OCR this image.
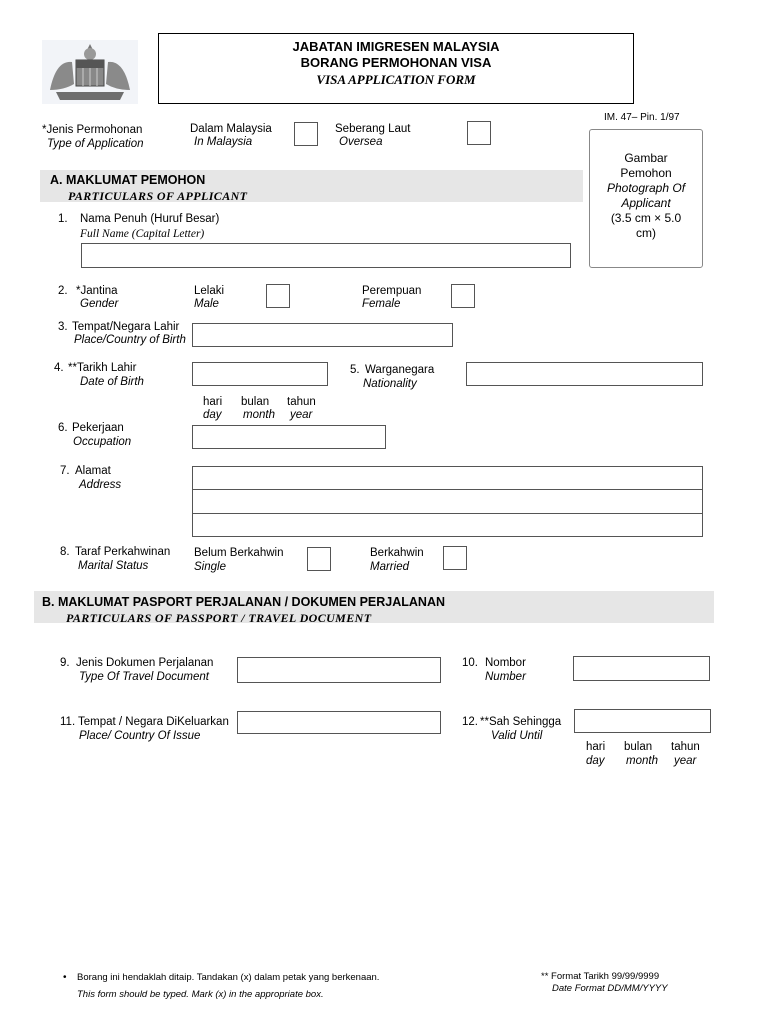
JABATAN IMIGRESEN MALAYSIA
BORANG PERMOHONAN VISA
VISA APPLICATION FORM
IM. 47– Pin. 1/97
*Jenis Permohonan
Type of Application
Dalam Malaysia
In Malaysia
Seberang Laut
Oversea
Gambar
Pemohon
Photograph Of
Applicant
(3.5 cm × 5.0
cm)
A. MAKLUMAT PEMOHON
PARTICULARS OF APPLICANT
1. Nama Penuh (Huruf Besar)
Full Name (Capital Letter)
2. *Jantina
Gender
Lelaki
Male
Perempuan
Female
3. Tempat/Negara Lahir
Place/Country of Birth
4. **Tarikh Lahir
Date of Birth
hari
day
bulan
month
tahun
year
5. Warganegara
Nationality
6. Pekerjaan
Occupation
7. Alamat
Address
8. Taraf Perkahwinan
Marital Status
Belum Berkahwin
Single
Berkahwin
Married
B. MAKLUMAT PASPORT PERJALANAN / DOKUMEN PERJALANAN
PARTICULARS OF PASSPORT / TRAVEL DOCUMENT
9. Jenis Dokumen Perjalanan
Type Of Travel Document
10. Nombor
Number
11. Tempat / Negara DiKeluarkan
Place/ Country Of Issue
12. **Sah Sehingga
Valid Until
hari
day
bulan
month
tahun
year
• Borang ini hendaklah ditaip. Tandakan (x) dalam petak yang berkenaan.
This form should be typed. Mark (x) in the appropriate box.
** Format Tarikh 99/99/9999
Date Format DD/MM/YYYY
